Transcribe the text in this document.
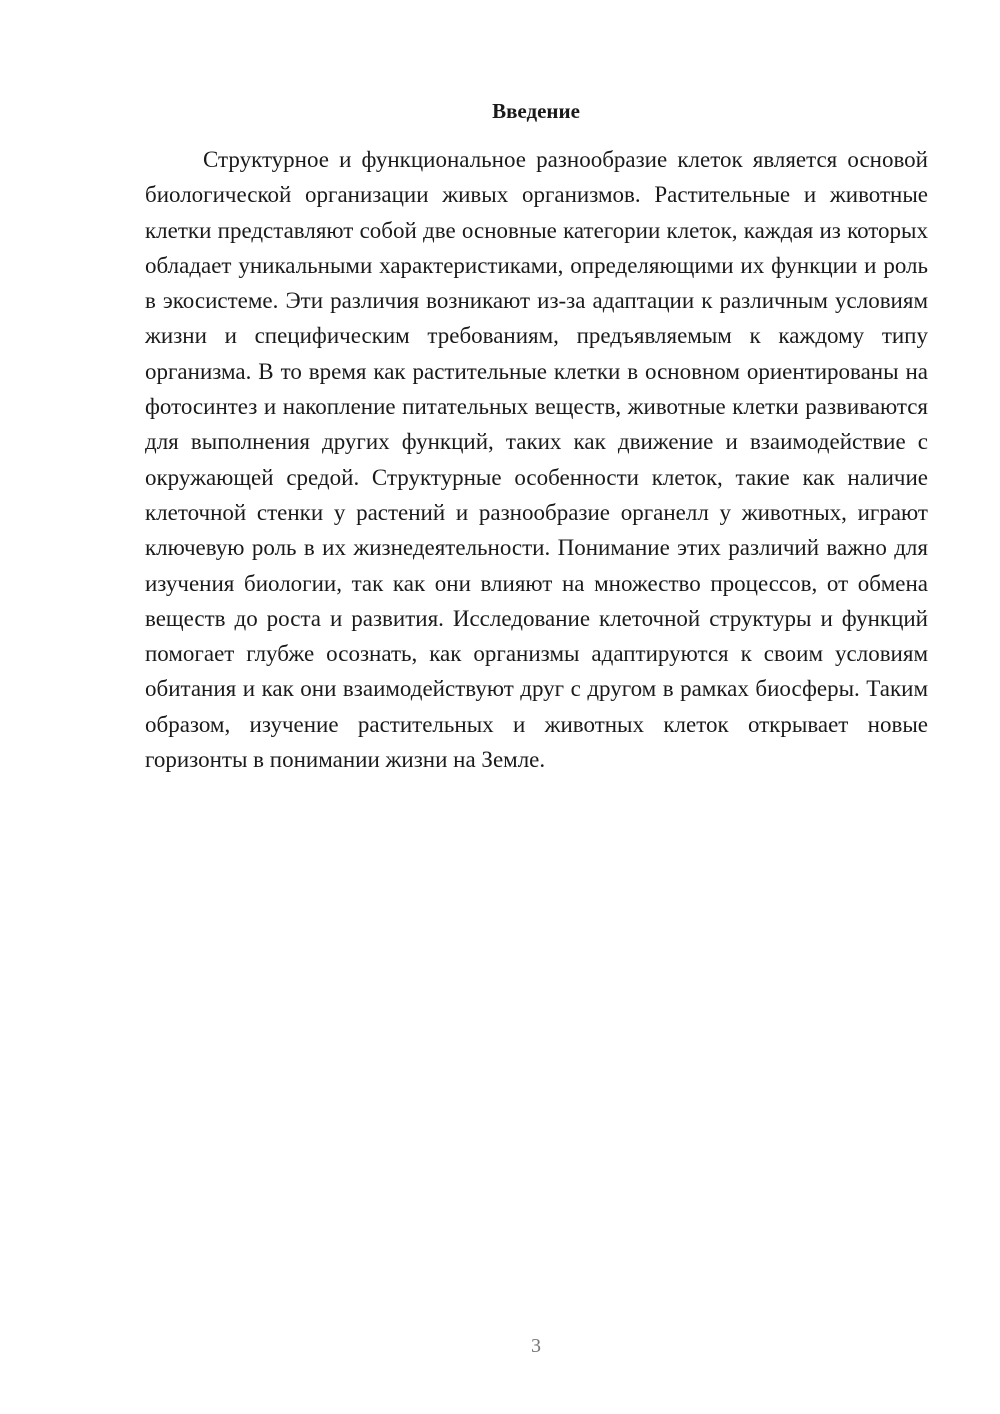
Введение

Структурное и функциональное разнообразие клеток является основой биологической организации живых организмов. Растительные и животные клетки представляют собой две основные категории клеток, каждая из которых обладает уникальными характеристиками, определяющими их функции и роль в экосистеме. Эти различия возникают из-за адаптации к различным условиям жизни и специфическим требованиям, предъявляемым к каждому типу организма. В то время как растительные клетки в основном ориентированы на фотосинтез и накопление питательных веществ, животные клетки развиваются для выполнения других функций, таких как движение и взаимодействие с окружающей средой. Структурные особенности клеток, такие как наличие клеточной стенки у растений и разнообразие органелл у животных, играют ключевую роль в их жизнедеятельности. Понимание этих различий важно для изучения биологии, так как они влияют на множество процессов, от обмена веществ до роста и развития. Исследование клеточной структуры и функций помогает глубже осознать, как организмы адаптируются к своим условиям обитания и как они взаимодействуют друг с другом в рамках биосферы. Таким образом, изучение растительных и животных клеток открывает новые горизонты в понимании жизни на Земле.

3
